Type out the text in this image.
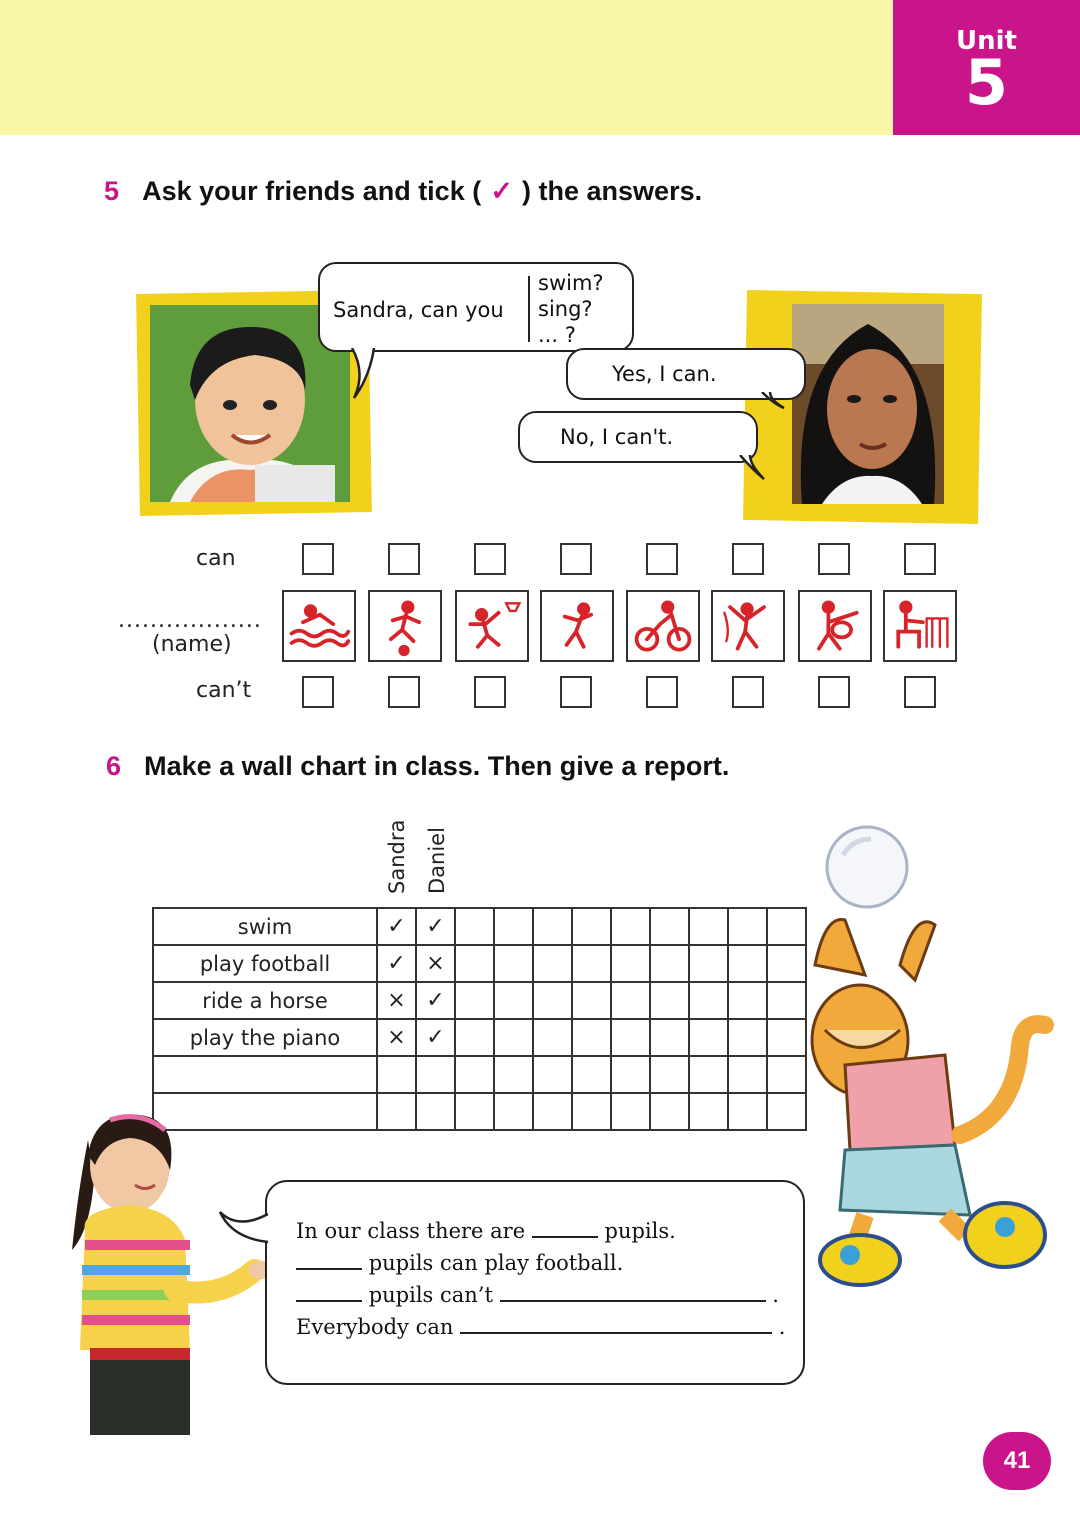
Unit
5
5 Ask your friends and tick ( ✓ ) the answers.
Sandra, can you
swim?
sing?
... ?
Yes, I can.
No, I can't.
can
..................
(name)
can’t
6 Make a wall chart in class. Then give a report.
Sandra Daniel
swim	✓	✓									
play football	✓	×									
ride a horse	×	✓									
play the piano	×	✓									

In our class there are	pupils.
pupils can play football.
pupils can’t	.
Everybody can	.
41
